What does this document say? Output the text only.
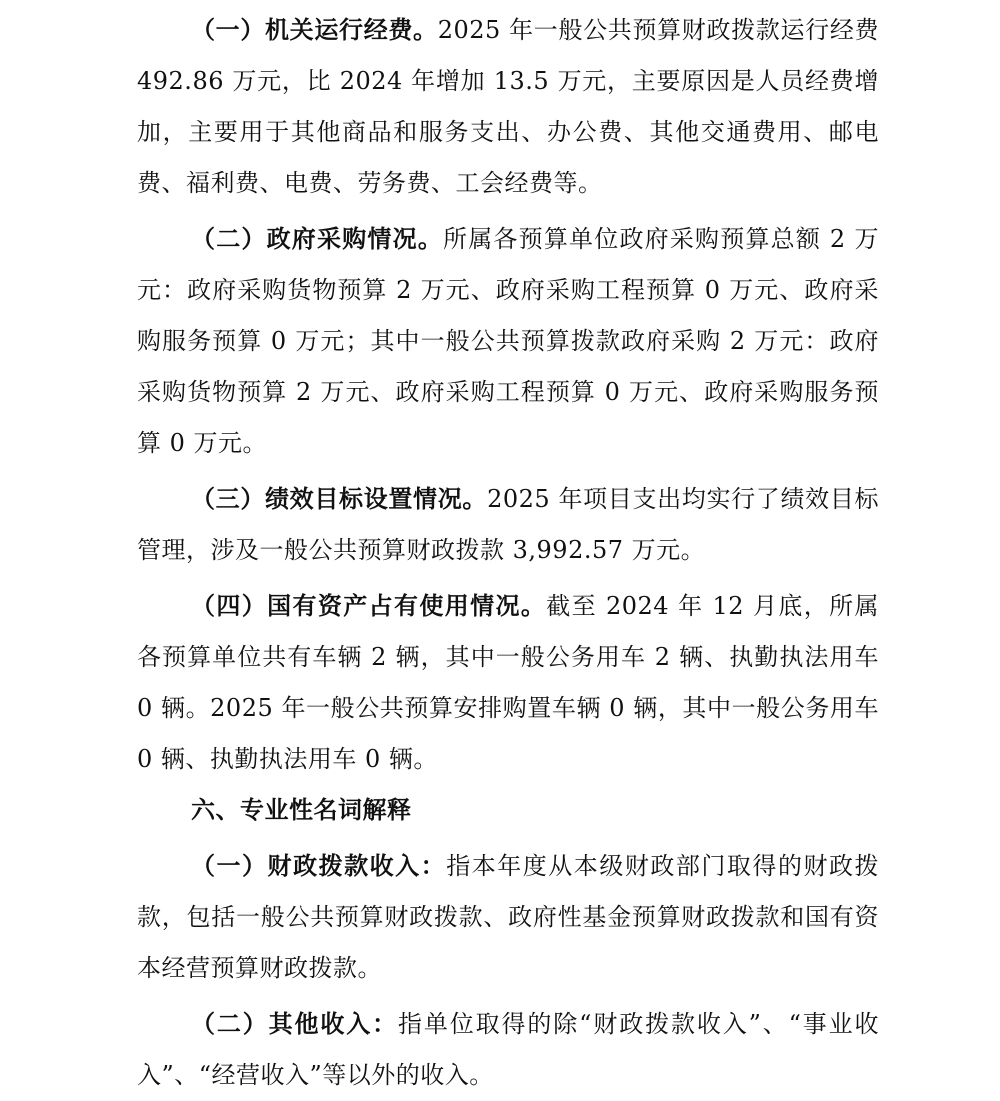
（一）机关运行经费。2025 年一般公共预算财政拨款运行经费 492.86 万元，比 2024 年增加 13.5 万元，主要原因是人员经费增加，主要用于其他商品和服务支出、办公费、其他交通费用、邮电费、福利费、电费、劳务费、工会经费等。

（二）政府采购情况。所属各预算单位政府采购预算总额 2 万元：政府采购货物预算 2 万元、政府采购工程预算 0 万元、政府采购服务预算 0 万元；其中一般公共预算拨款政府采购 2 万元：政府采购货物预算 2 万元、政府采购工程预算 0 万元、政府采购服务预算 0 万元。

（三）绩效目标设置情况。2025 年项目支出均实行了绩效目标管理，涉及一般公共预算财政拨款 3,992.57 万元。

（四）国有资产占有使用情况。截至 2024 年 12 月底，所属各预算单位共有车辆 2 辆，其中一般公务用车 2 辆、执勤执法用车 0 辆。2025 年一般公共预算安排购置车辆 0 辆，其中一般公务用车 0 辆、执勤执法用车 0 辆。

六、专业性名词解释

（一）财政拨款收入：指本年度从本级财政部门取得的财政拨款，包括一般公共预算财政拨款、政府性基金预算财政拨款和国有资本经营预算财政拨款。

（二）其他收入：指单位取得的除“财政拨款收入”、“事业收入”、“经营收入”等以外的收入。
